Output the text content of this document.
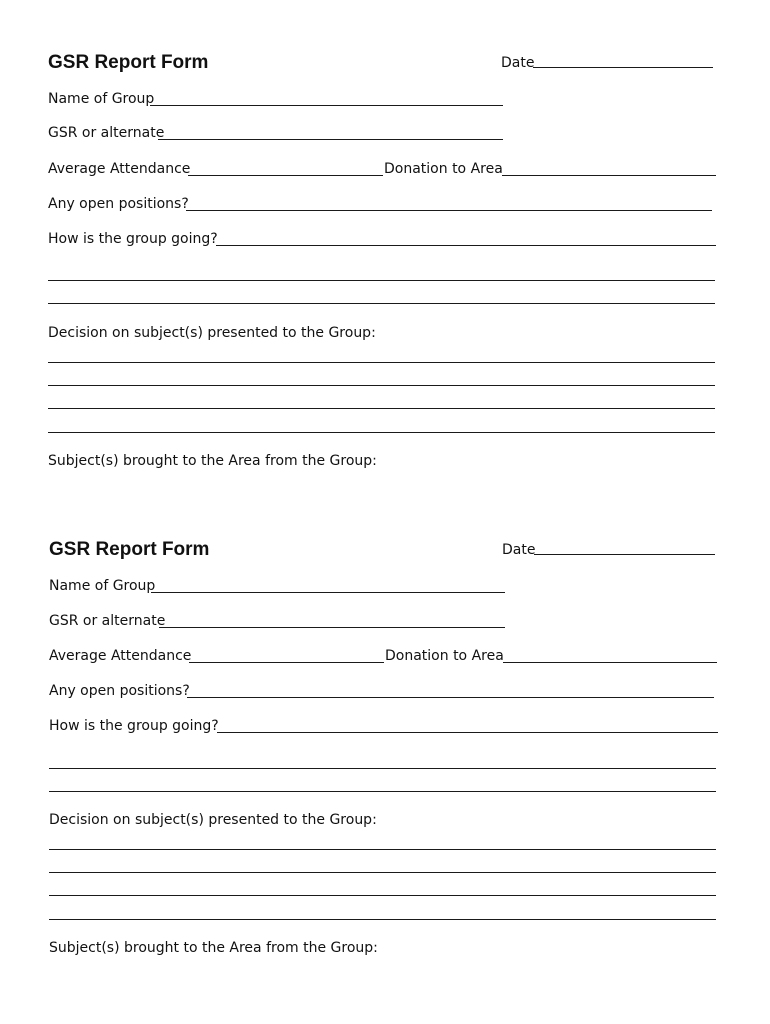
GSR Report Form	Date
Name of Group
GSR or alternate
Average Attendance	Donation to Area
Any open positions?
How is the group going?
Decision on subject(s) presented to the Group:
Subject(s) brought to the Area from the Group:
GSR Report Form	Date
Name of Group
GSR or alternate
Average Attendance	Donation to Area
Any open positions?
How is the group going?
Decision on subject(s) presented to the Group:
Subject(s) brought to the Area from the Group:
